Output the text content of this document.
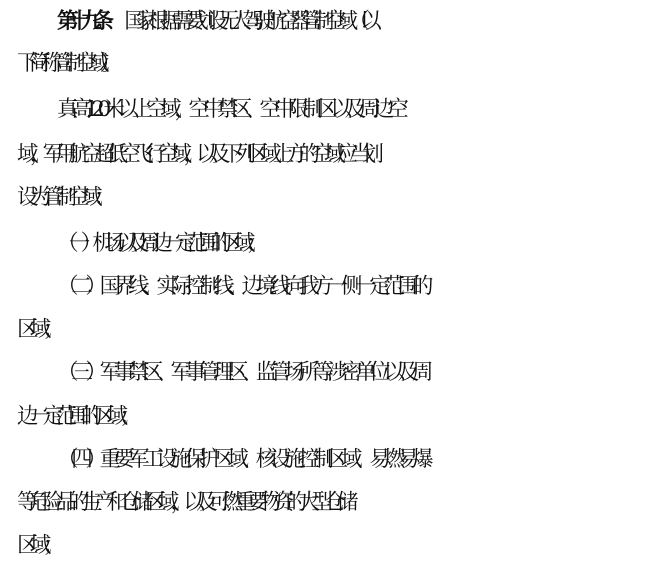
第十九条 国家根据需要划设无人驾驶航空器管制空域（以
下简称管制空域）。
真高 120 米以上空域，空中禁区、空中限制区以及周边空
域，军用航空超低空飞行空域，以及下列区域上方的空域应当划
设为管制空域：
（一）机场以及周边一定范围的区域；
（二）国界线、实际控制线、边境线向我方一侧一定范围的
区域；
（三）军事禁区、军事管理区、监管场所等涉密单位以及周
边一定范围的区域；
（四）重要军工设施保护区域、核设施控制区域、易燃易爆
等危险品的生产和仓储区域，以及可燃重要物资的大型仓储
区域；
